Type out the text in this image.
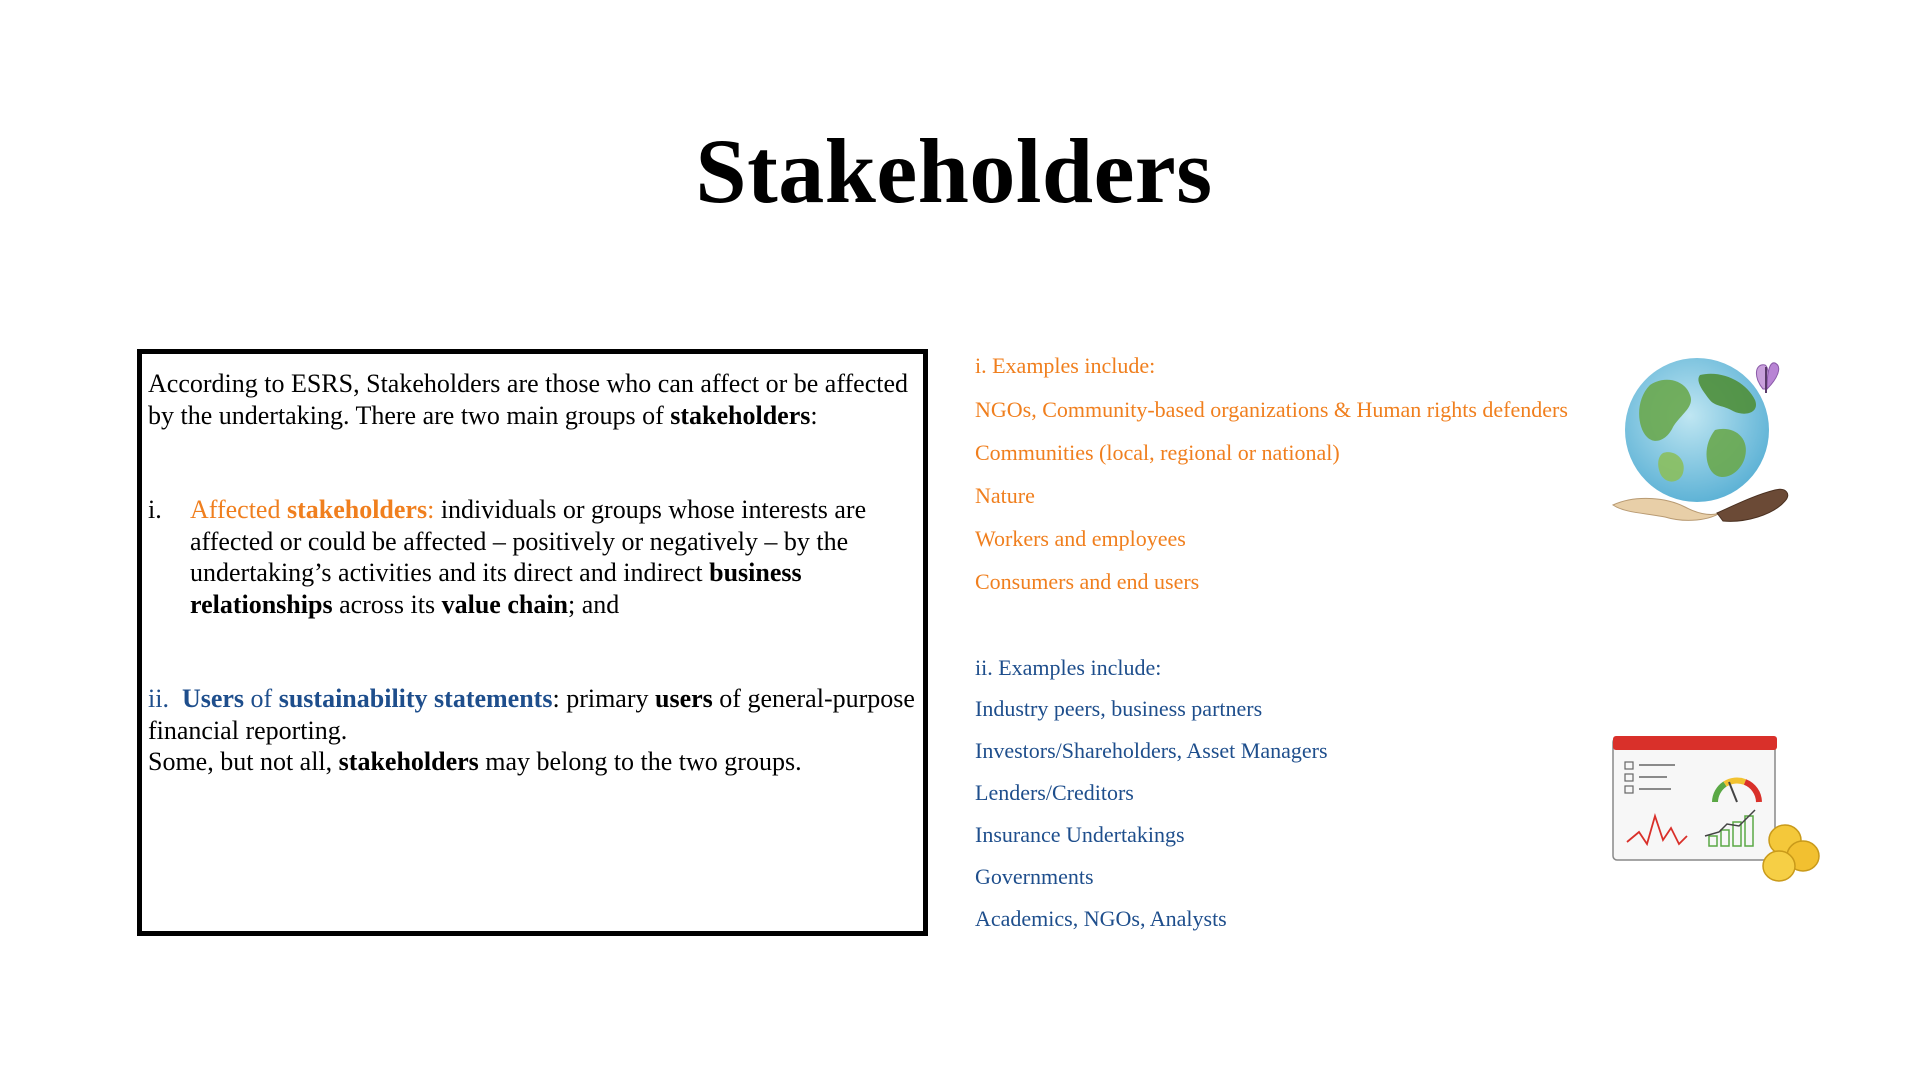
Stakeholders

According to ESRS, Stakeholders are those who can affect or be affected by the undertaking. There are two main groups of stakeholders:

i.	Affected stakeholders: individuals or groups whose interests are affected or could be affected – positively or negatively – by the undertaking’s activities and its direct and indirect business relationships across its value chain; and

ii. Users of sustainability statements: primary users of general-purpose financial reporting.

Some, but not all, stakeholders may belong to the two groups.

i. Examples include:

NGOs, Community-based organizations & Human rights defenders

Communities (local, regional or national)

Nature

Workers and employees

Consumers and end users

ii. Examples include:

Industry peers, business partners

Investors/Shareholders, Asset Managers

Lenders/Creditors

Insurance Undertakings

Governments

Academics, NGOs, Analysts
